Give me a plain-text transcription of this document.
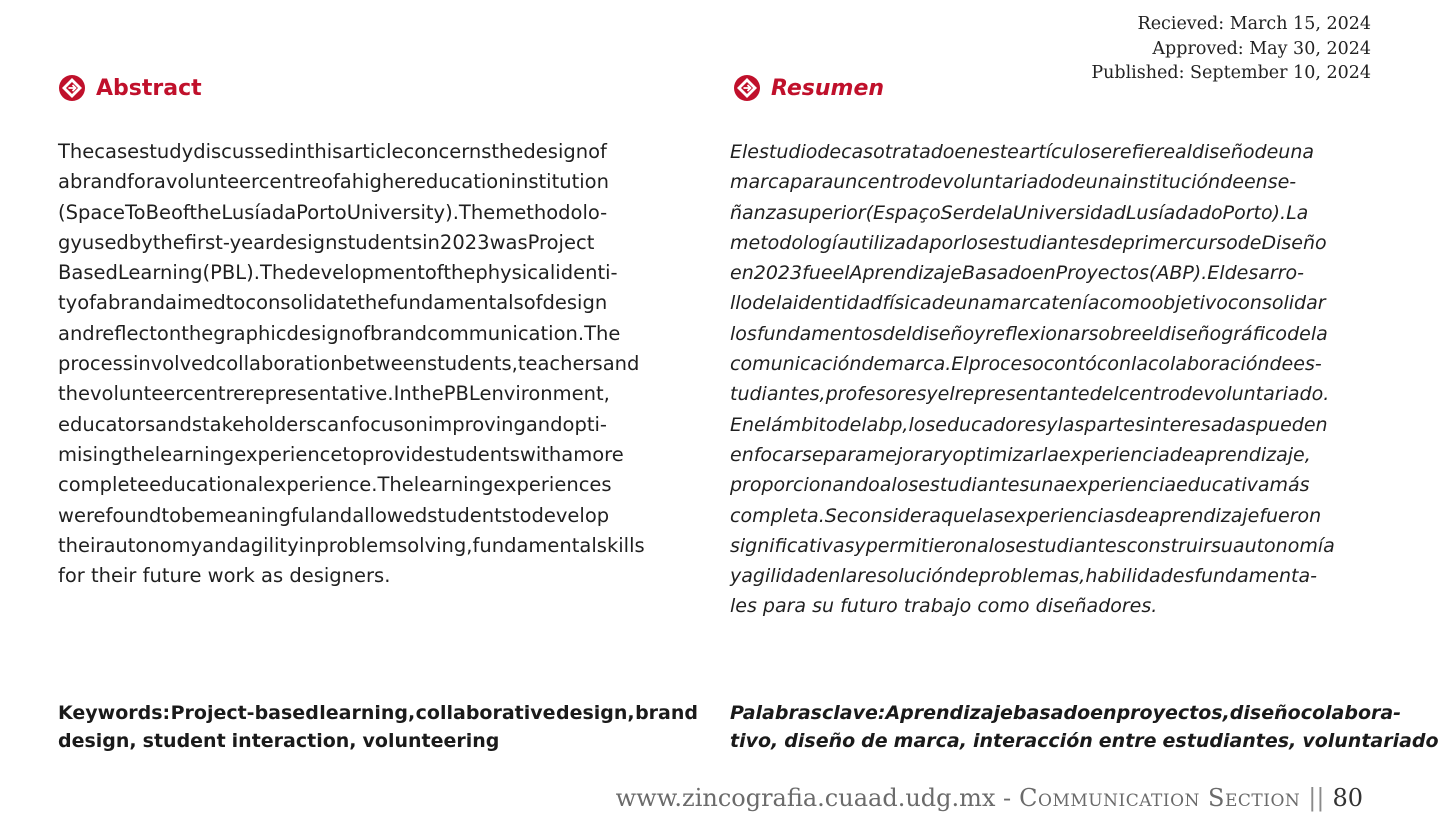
Recieved: March 15, 2024
Approved: May 30, 2024
Published: September 10, 2024
Abstract	Resumen
Thecasestudydiscussedinthisarticleconcernsthedesignof
abrandforavolunteercentreofahighereducationinstitution
(SpaceToBeoftheLusíadaPortoUniversity).Themethodolo-
gyusedbythefirst-yeardesignstudentsin2023wasProject
BasedLearning(PBL).Thedevelopmentofthephysicalidenti-
tyofabrandaimedtoconsolidatethefundamentalsofdesign
andreflectonthegraphicdesignofbrandcommunication.The
processinvolvedcollaborationbetweenstudents,teachersand
thevolunteercentrerepresentative.InthePBLenvironment,
educatorsandstakeholderscanfocusonimprovingandopti-
misingthelearningexperiencetoprovidestudentswithamore
completeeducationalexperience.Thelearningexperiences
werefoundtobemeaningfulandallowedstudentstodevelop
theirautonomyandagilityinproblemsolving,fundamentalskills
for their future work as designers.
Elestudiodecasotratadoenesteartículoserefierealdiseñodeuna
marcaparauncentrodevoluntariadodeunainstitucióndeense-
ñanzasuperior(EspaçoSerdelaUniversidadLusíadadoPorto).La
metodologíautilizadaporlosestudiantesdeprimercursodeDiseño
en2023fueelAprendizajeBasadoenProyectos(ABP).Eldesarro-
llodelaidentidadfísicadeunamarcateníacomoobjetivoconsolidar
losfundamentosdeldiseñoyreflexionarsobreeldiseñográficodela
comunicacióndemarca.Elprocesocontóconlacolaboracióndees-
tudiantes,profesoresyelrepresentantedelcentrodevoluntariado.
Enelámbitodelabp,loseducadoresylaspartesinteresadaspueden
enfocarseparamejoraryoptimizarlaexperienciadeaprendizaje,
proporcionandoalosestudiantesunaexperienciaeducativamás
completa.Seconsideraquelasexperienciasdeaprendizajefueron
significativasypermitieronalosestudiantesconstruirsuautonomía
yagilidadenlaresolucióndeproblemas,habilidadesfundamenta-
les para su futuro trabajo como diseñadores.
Keywords: Project-based learning, collaborative design, brand
design, student interaction, volunteering
Palabras clave: Aprendizaje basado en proyectos, diseño colabora-
tivo, diseño de marca, interacción entre estudiantes, voluntariado
www.zincografia.cuaad.udg.mx - Communication Section || 80
